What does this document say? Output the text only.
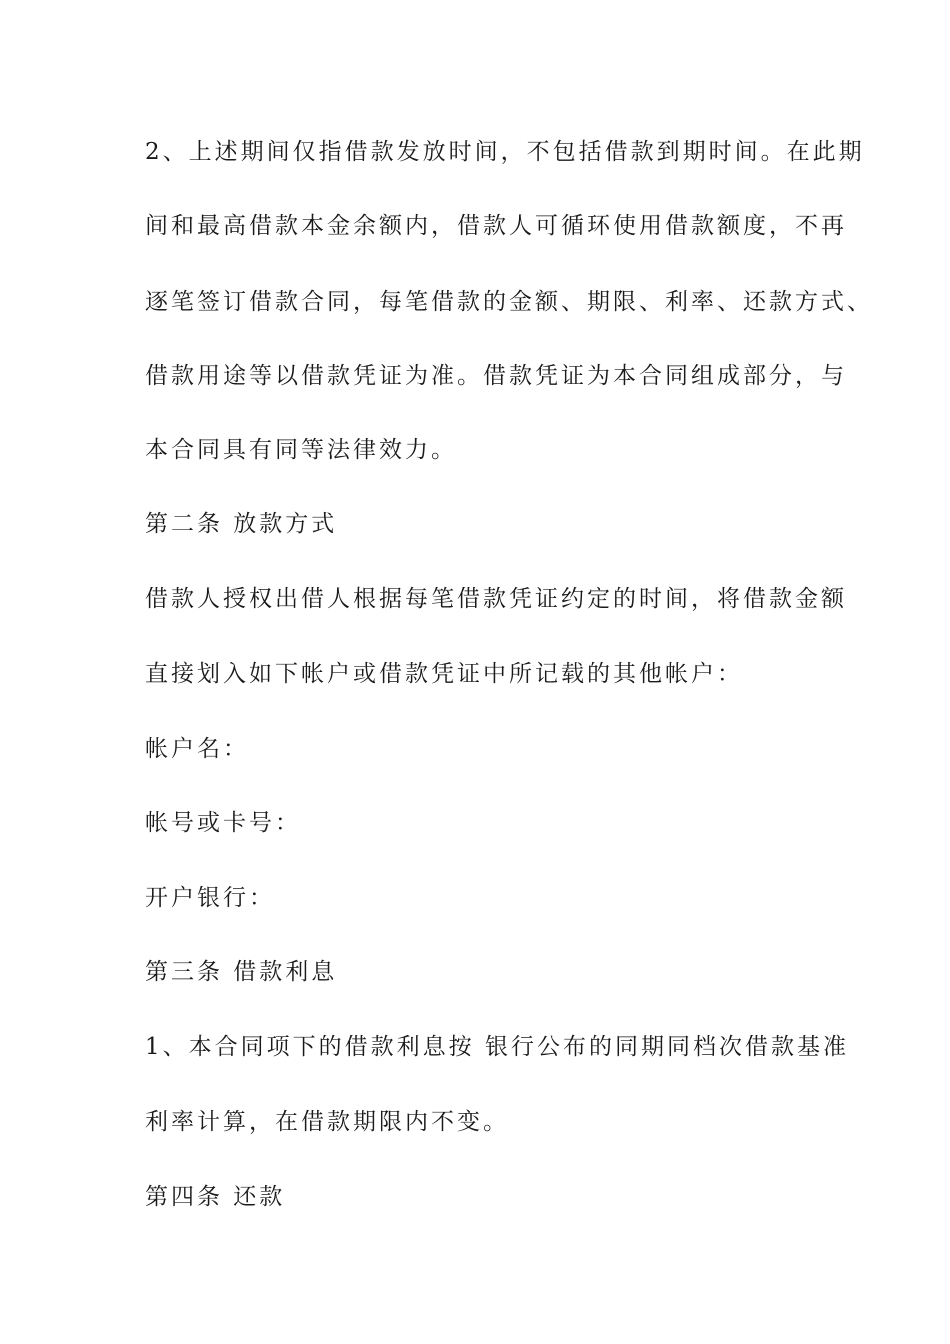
2、上述期间仅指借款发放时间，不包括借款到期时间。在此期

间和最高借款本金余额内，借款人可循环使用借款额度，不再

逐笔签订借款合同，每笔借款的金额、期限、利率、还款方式、

借款用途等以借款凭证为准。借款凭证为本合同组成部分，与

本合同具有同等法律效力。

第二条 放款方式

借款人授权出借人根据每笔借款凭证约定的时间，将借款金额

直接划入如下帐户或借款凭证中所记载的其他帐户：

帐户名：

帐号或卡号：

开户银行：

第三条 借款利息

1、本合同项下的借款利息按 银行公布的同期同档次借款基准

利率计算，在借款期限内不变。

第四条 还款
